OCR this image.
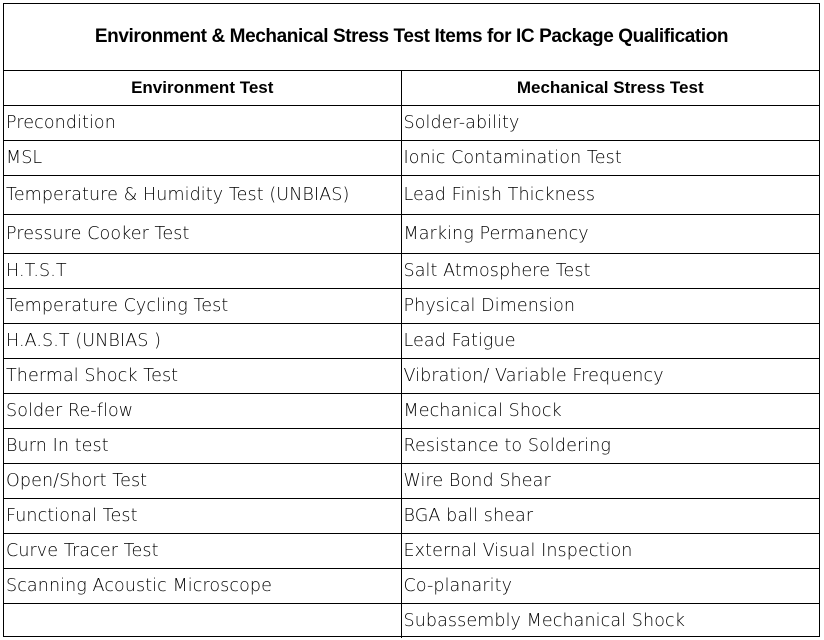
Environment & Mechanical Stress Test Items for IC Package Qualification
Environment Test	Mechanical Stress Test
Precondition	Solder-ability
MSL	Ionic Contamination Test
Temperature & Humidity Test (UNBIAS)	Lead Finish Thickness
Pressure Cooker Test	Marking Permanency
H.T.S.T	Salt Atmosphere Test
Temperature Cycling Test	Physical Dimension
H.A.S.T (UNBIAS )	Lead Fatigue
Thermal Shock Test	Vibration/ Variable Frequency
Solder Re-flow	Mechanical Shock
Burn In test	Resistance to Soldering
Open/Short Test	Wire Bond Shear
Functional Test	BGA ball shear
Curve Tracer Test	External Visual Inspection
Scanning Acoustic Microscope	Co-planarity
	Subassembly Mechanical Shock
